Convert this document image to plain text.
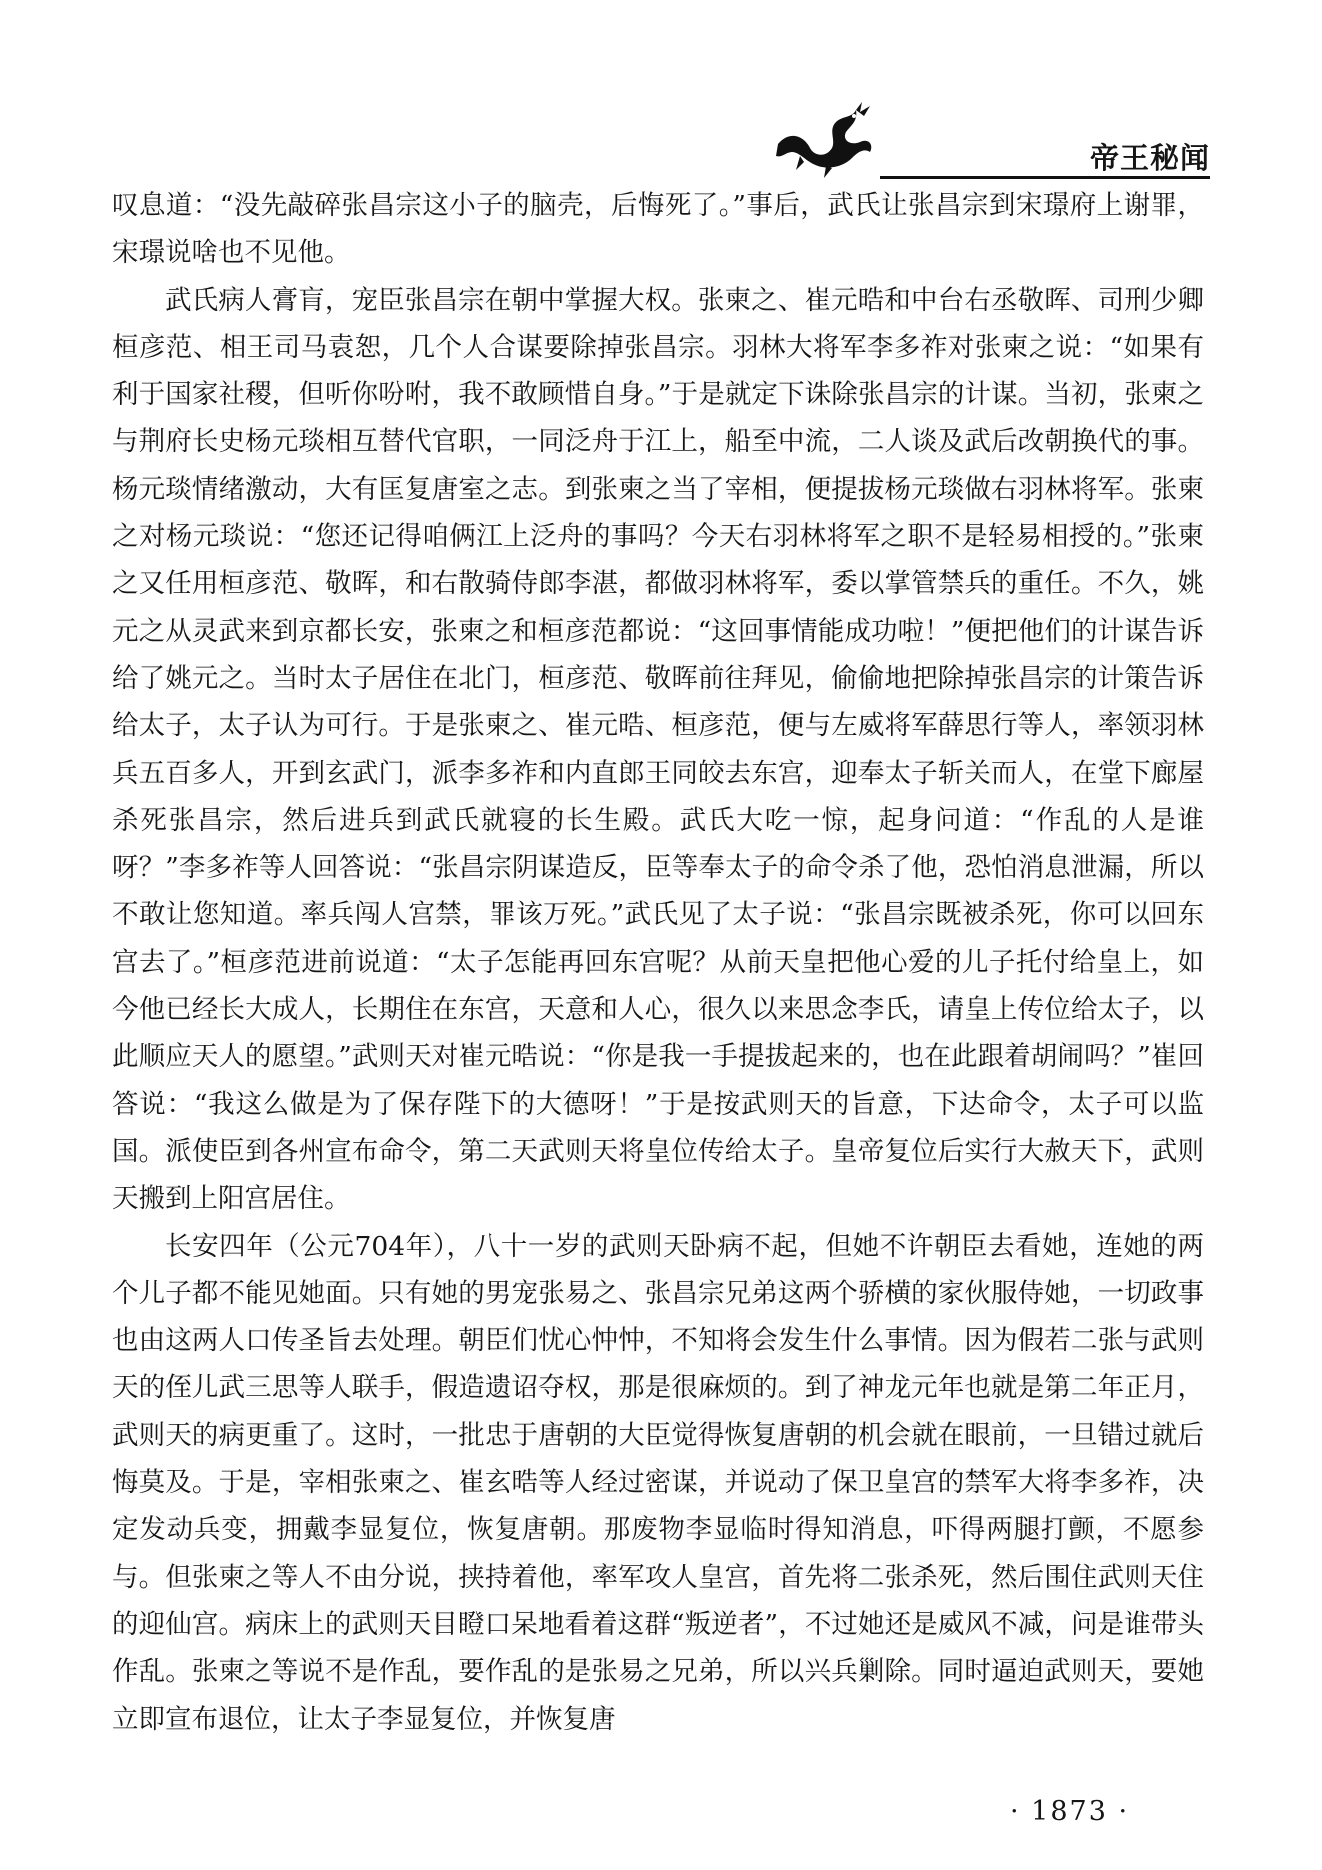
帝王秘闻

叹息道：“没先敲碎张昌宗这小子的脑壳，后悔死了。”事后，武氏让张昌宗到宋璟府上谢罪，宋璟说啥也不见他。

武氏病人膏肓，宠臣张昌宗在朝中掌握大权。张柬之、崔元晧和中台右丞敬晖、司刑少卿桓彦范、相王司马袁恕，几个人合谋要除掉张昌宗。羽林大将军李多祚对张柬之说：“如果有利于国家社稷，但听你吩咐，我不敢顾惜自身。”于是就定下诛除张昌宗的计谋。当初，张柬之与荆府长史杨元琰相互替代官职，一同泛舟于江上，船至中流，二人谈及武后改朝换代的事。杨元琰情绪激动，大有匡复唐室之志。到张柬之当了宰相，便提拔杨元琰做右羽林将军。张柬之对杨元琰说：“您还记得咱俩江上泛舟的事吗？今天右羽林将军之职不是轻易相授的。”张柬之又任用桓彦范、敬晖，和右散骑侍郎李湛，都做羽林将军，委以掌管禁兵的重任。不久，姚元之从灵武来到京都长安，张柬之和桓彦范都说：“这回事情能成功啦！”便把他们的计谋告诉给了姚元之。当时太子居住在北门，桓彦范、敬晖前往拜见，偷偷地把除掉张昌宗的计策告诉给太子，太子认为可行。于是张柬之、崔元晧、桓彦范，便与左威将军薛思行等人，率领羽林兵五百多人，开到玄武门，派李多祚和内直郎王同皎去东宫，迎奉太子斩关而人，在堂下廊屋杀死张昌宗，然后进兵到武氏就寝的长生殿。武氏大吃一惊，起身问道：“作乱的人是谁呀？”李多祚等人回答说：“张昌宗阴谋造反，臣等奉太子的命令杀了他，恐怕消息泄漏，所以不敢让您知道。率兵闯人宫禁，罪该万死。”武氏见了太子说：“张昌宗既被杀死，你可以回东宫去了。”桓彦范进前说道：“太子怎能再回东宫呢？从前天皇把他心爱的儿子托付给皇上，如今他已经长大成人，长期住在东宫，天意和人心，很久以来思念李氏，请皇上传位给太子，以此顺应天人的愿望。”武则天对崔元晧说：“你是我一手提拔起来的，也在此跟着胡闹吗？”崔回答说：“我这么做是为了保存陛下的大德呀！”于是按武则天的旨意，下达命令，太子可以监国。派使臣到各州宣布命令，第二天武则天将皇位传给太子。皇帝复位后实行大赦天下，武则天搬到上阳宫居住。

长安四年（公元704年），八十一岁的武则天卧病不起，但她不许朝臣去看她，连她的两个儿子都不能见她面。只有她的男宠张易之、张昌宗兄弟这两个骄横的家伙服侍她，一切政事也由这两人口传圣旨去处理。朝臣们忧心忡忡，不知将会发生什么事情。因为假若二张与武则天的侄儿武三思等人联手，假造遗诏夺权，那是很麻烦的。到了神龙元年也就是第二年正月，武则天的病更重了。这时，一批忠于唐朝的大臣觉得恢复唐朝的机会就在眼前，一旦错过就后悔莫及。于是，宰相张柬之、崔玄晧等人经过密谋，并说动了保卫皇宫的禁军大将李多祚，决定发动兵变，拥戴李显复位，恢复唐朝。那废物李显临时得知消息，吓得两腿打颤，不愿参与。但张柬之等人不由分说，挟持着他，率军攻人皇宫，首先将二张杀死，然后围住武则天住的迎仙宫。病床上的武则天目瞪口呆地看着这群“叛逆者”，不过她还是威风不减，问是谁带头作乱。张柬之等说不是作乱，要作乱的是张易之兄弟，所以兴兵剿除。同时逼迫武则天，要她立即宣布退位，让太子李显复位，并恢复唐

· 1873 ·
